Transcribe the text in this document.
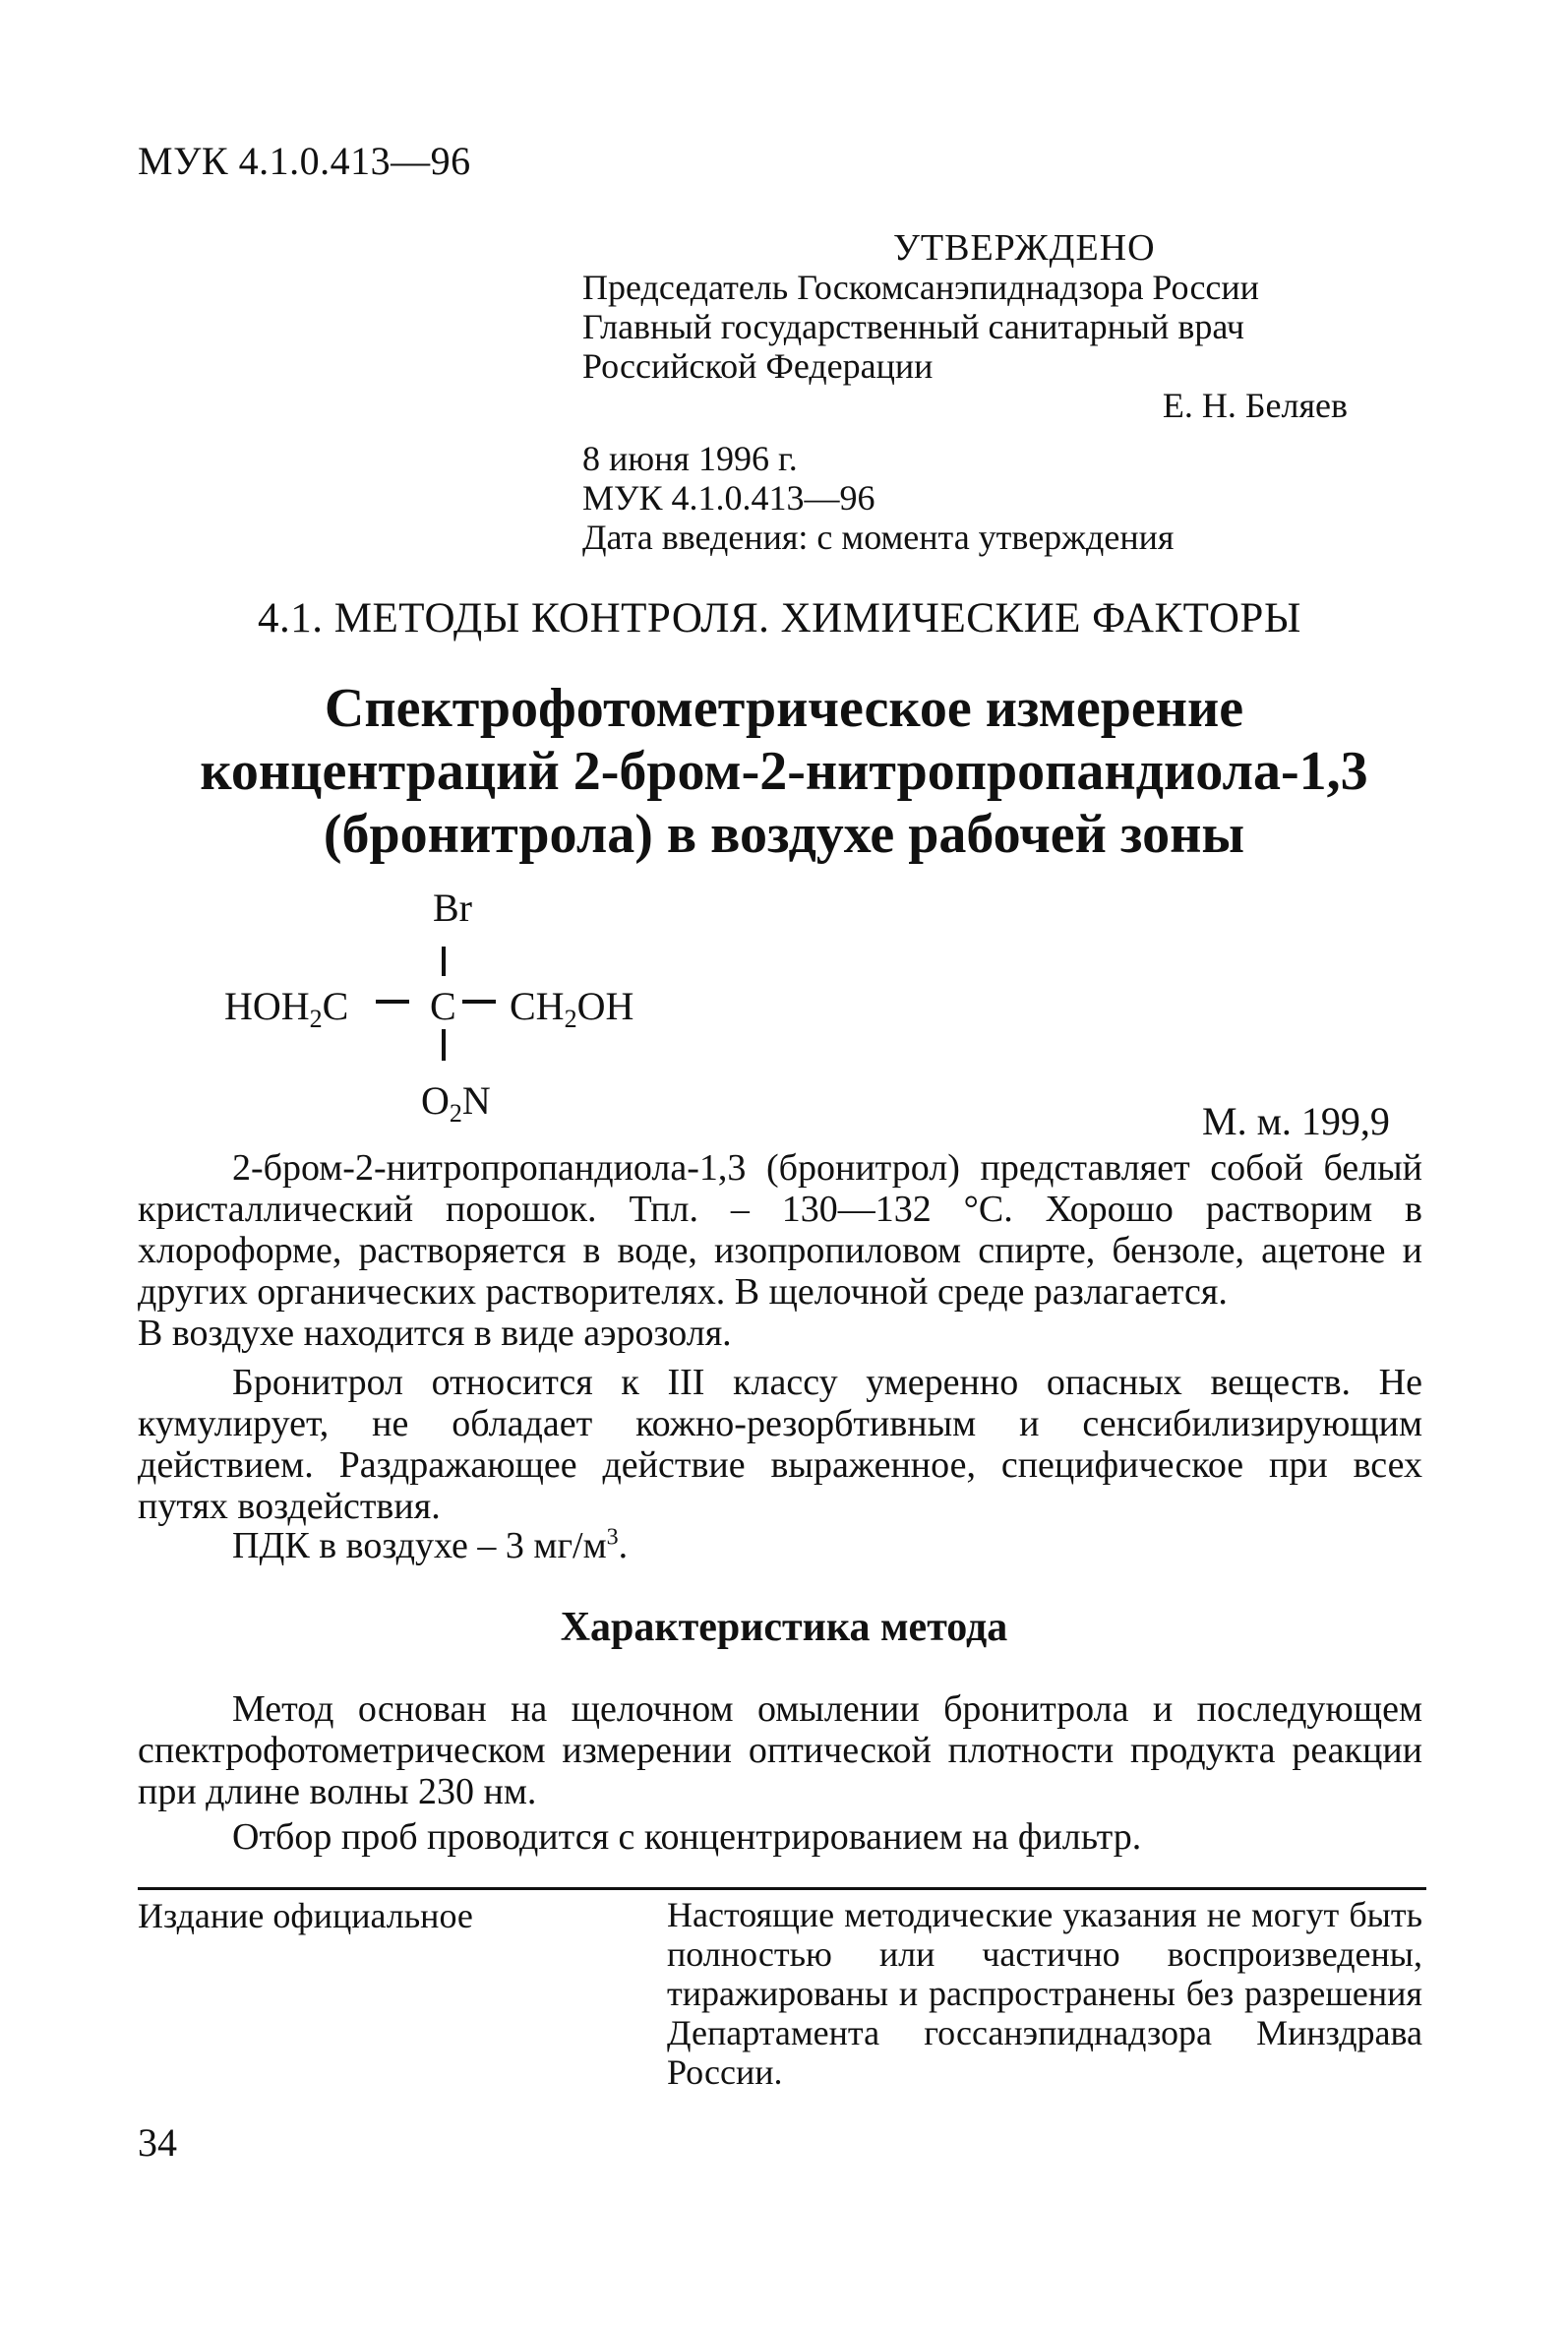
МУК 4.1.0.413—96
УТВЕРЖДЕНО
Председатель Госкомсанэпиднадзора России
Главный государственный санитарный врач
Российской Федерации
Е. Н. Беляев
8 июня 1996 г.
МУК 4.1.0.413—96
Дата введения: с момента утверждения
4.1. МЕТОДЫ КОНТРОЛЯ. ХИМИЧЕСКИЕ ФАКТОРЫ
Спектрофотометрическое измерение
концентраций 2-бром-2-нитропропандиола-1,3
(бронитрола) в воздухе рабочей зоны
Br
$HOH_2C$ C $CH_2OH$
$O_2N$	М. м. 199,9

2-бром-2-нитропропандиола-1,3 (бронитрол) представляет собой белый кристаллический порошок. Тпл. – 130—132 °С. Хорошо растворим в хлороформе, растворяется в воде, изопропиловом спирте, бензоле, ацетоне и других органических растворителях. В щелочной среде разлагается.

В воздухе находится в виде аэрозоля.

Бронитрол относится к III классу умеренно опасных веществ. Не кумулирует, не обладает кожно-резорбтивным и сенсибилизирующим действием. Раздражающее действие выраженное, специфическое при всех путях воздействия.

ПДК в воздухе – 3 $мг/м^3$.

Характеристика метода

Метод основан на щелочном омылении бронитрола и последующем спектрофотометрическом измерении оптической плотности продукта реакции при длине волны 230 нм.

Отбор проб проводится с концентрированием на фильтр.

Издание официальное	Настоящие методические указания не могут быть полностью или частично воспроизведены, тиражированы и распространены без разрешения Департамента госсанэпиднадзора Минздрава России.
34
